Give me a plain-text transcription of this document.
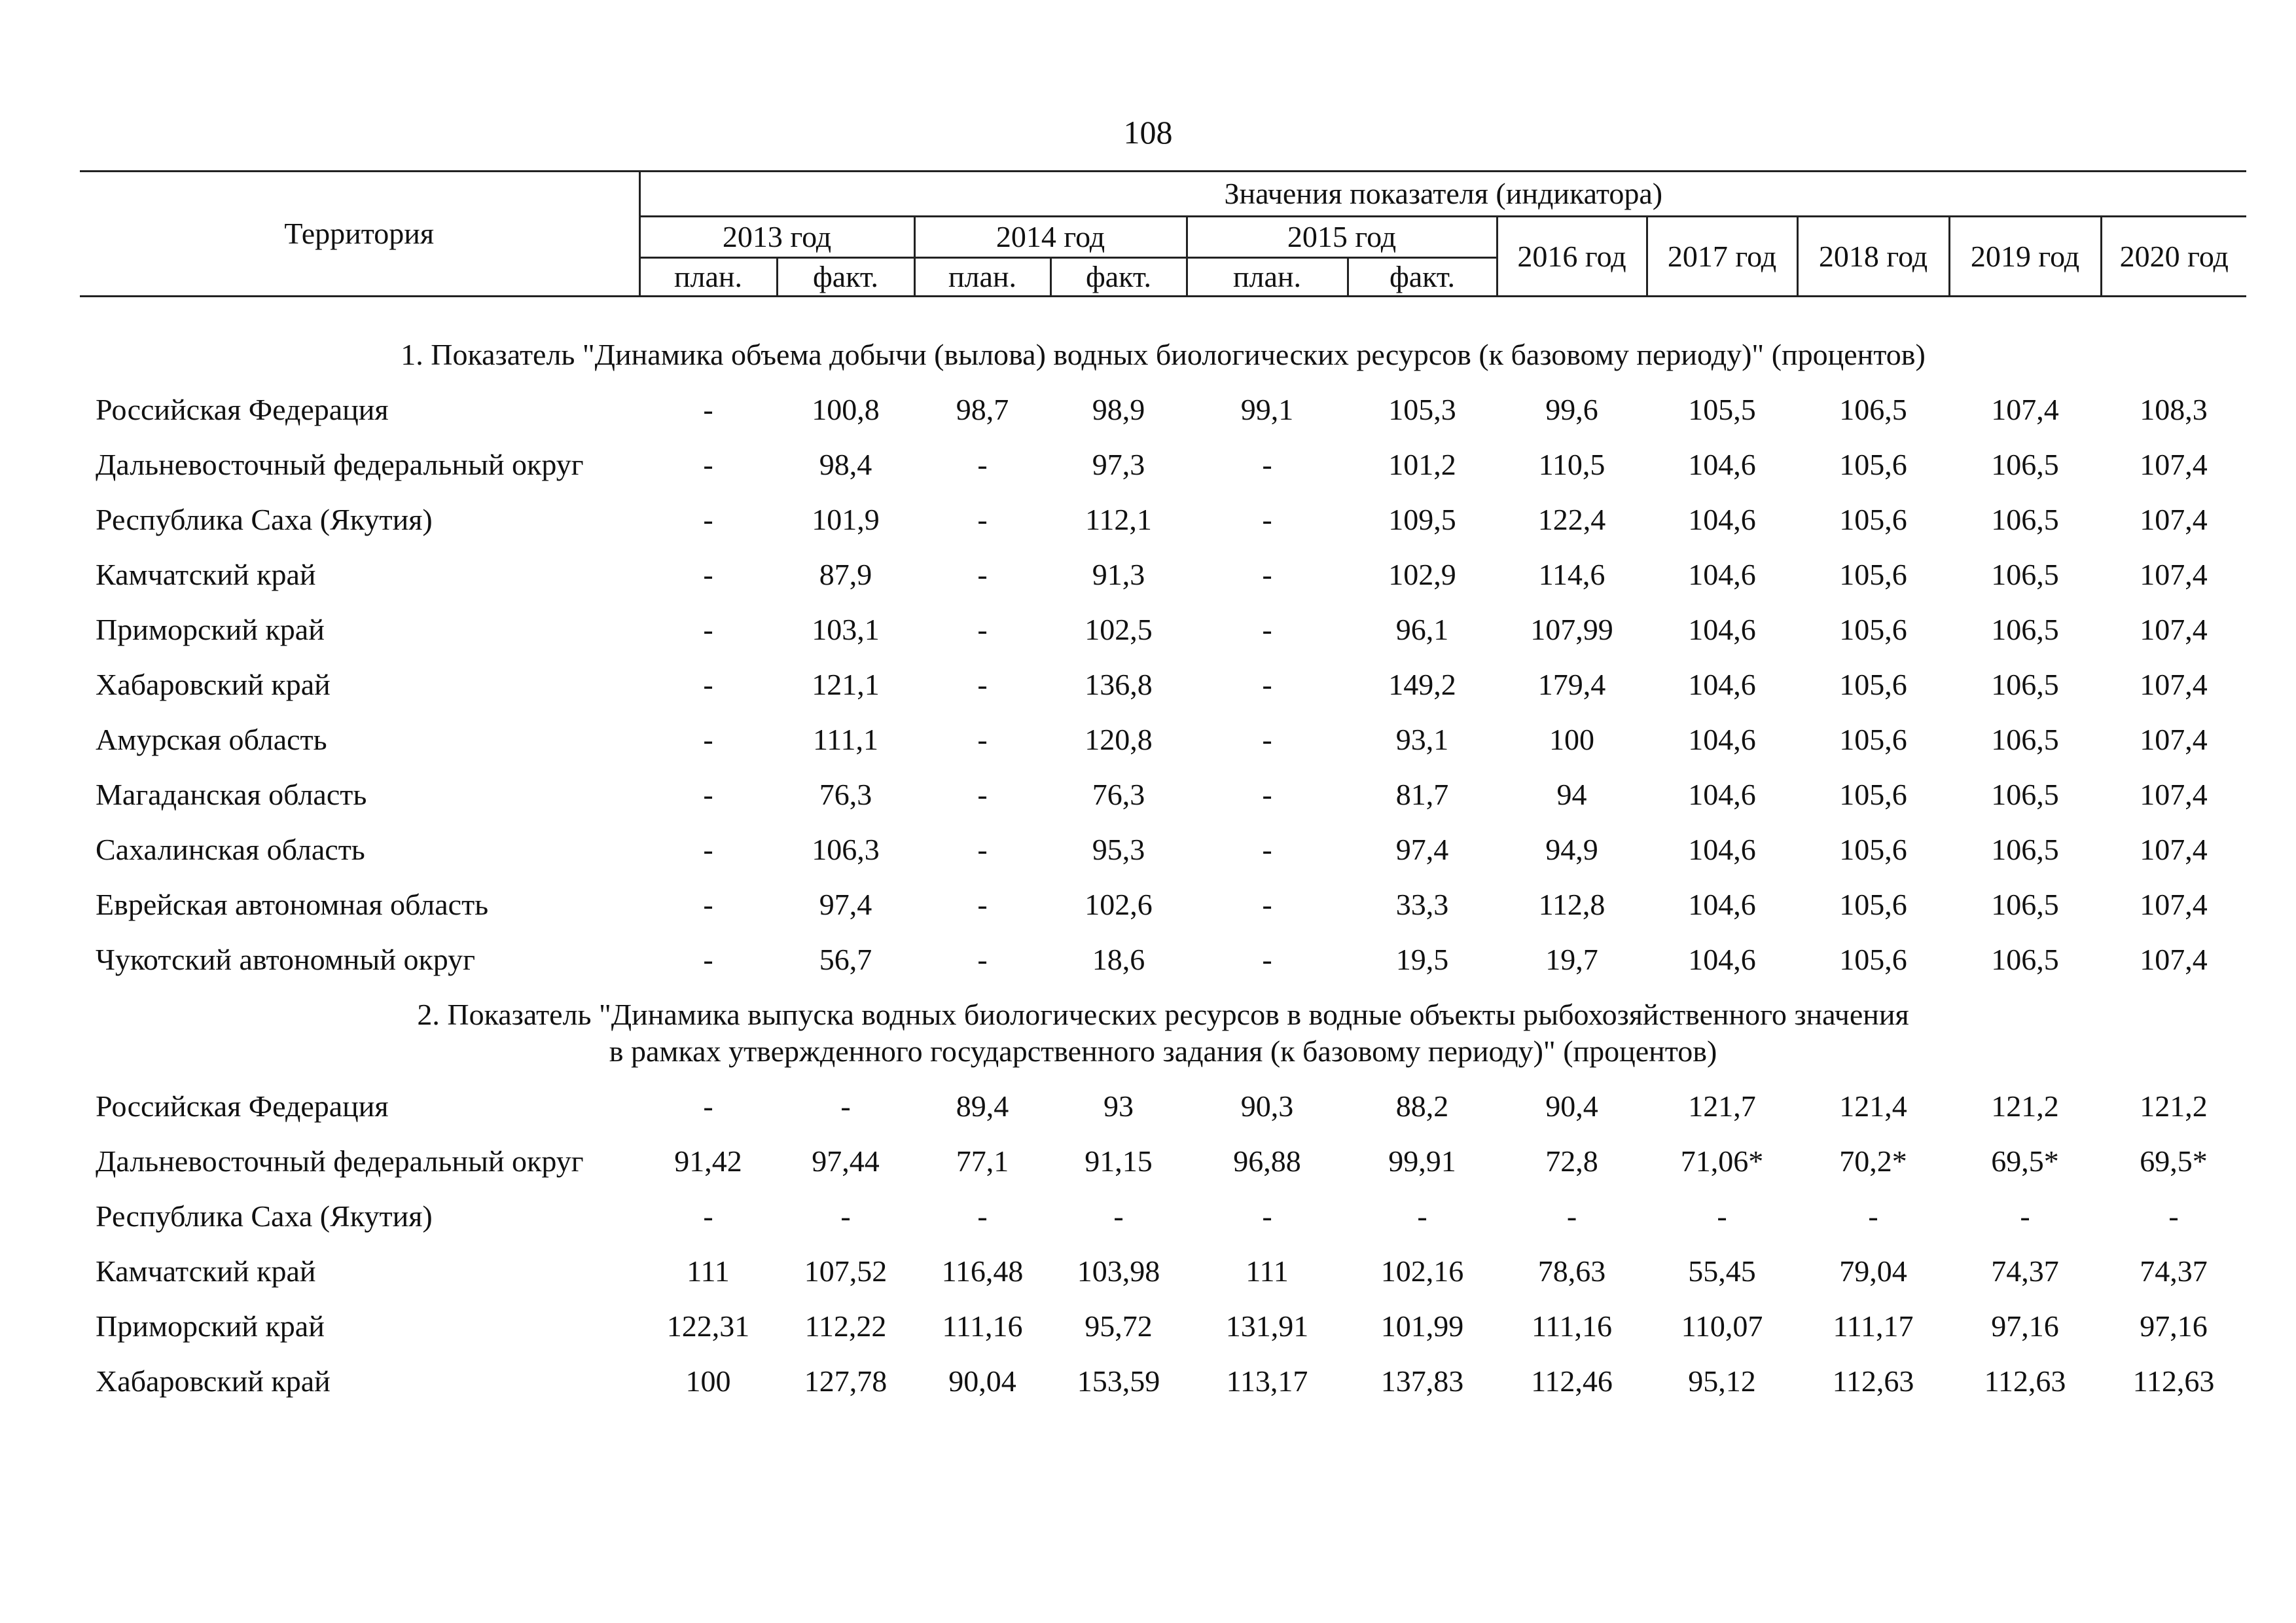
108
Территория	Значения показателя (индикатора)										
	2013 год		2014 год		2015 год		2016 год	2017 год	2018 год	2019 год	2020 год
	план.	факт.	план.	факт.	план.	факт.					
1. Показатель "Динамика объема добычи (вылова) водных биологических ресурсов (к базовому периоду)" (процентов)											
Российская Федерация	-	100,8	98,7	98,9	99,1	105,3	99,6	105,5	106,5	107,4	108,3
Дальневосточный федеральный округ	-	98,4	-	97,3	-	101,2	110,5	104,6	105,6	106,5	107,4
Республика Саха (Якутия)	-	101,9	-	112,1	-	109,5	122,4	104,6	105,6	106,5	107,4
Камчатский край	-	87,9	-	91,3	-	102,9	114,6	104,6	105,6	106,5	107,4
Приморский край	-	103,1	-	102,5	-	96,1	107,99	104,6	105,6	106,5	107,4
Хабаровский край	-	121,1	-	136,8	-	149,2	179,4	104,6	105,6	106,5	107,4
Амурская область	-	111,1	-	120,8	-	93,1	100	104,6	105,6	106,5	107,4
Магаданская область	-	76,3	-	76,3	-	81,7	94	104,6	105,6	106,5	107,4
Сахалинская область	-	106,3	-	95,3	-	97,4	94,9	104,6	105,6	106,5	107,4
Еврейская автономная область	-	97,4	-	102,6	-	33,3	112,8	104,6	105,6	106,5	107,4
Чукотский автономный округ	-	56,7	-	18,6	-	19,5	19,7	104,6	105,6	106,5	107,4

2. Показатель "Динамика выпуска водных биологических ресурсов в водные объекты рыбохозяйственного значения
в рамках утвержденного государственного задания (к базовому периоду)" (процентов)											

Российская Федерация	-	-	89,4	93	90,3	88,2	90,4	121,7	121,4	121,2	121,2
Дальневосточный федеральный округ	91,42	97,44	77,1	91,15	96,88	99,91	72,8	71,06*	70,2*	69,5*	69,5*
Республика Саха (Якутия)	-	-	-	-	-	-	-	-	-	-	-
Камчатский край	111	107,52	116,48	103,98	111	102,16	78,63	55,45	79,04	74,37	74,37
Приморский край	122,31	112,22	111,16	95,72	131,91	101,99	111,16	110,07	111,17	97,16	97,16
Хабаровский край	100	127,78	90,04	153,59	113,17	137,83	112,46	95,12	112,63	112,63	112,63
